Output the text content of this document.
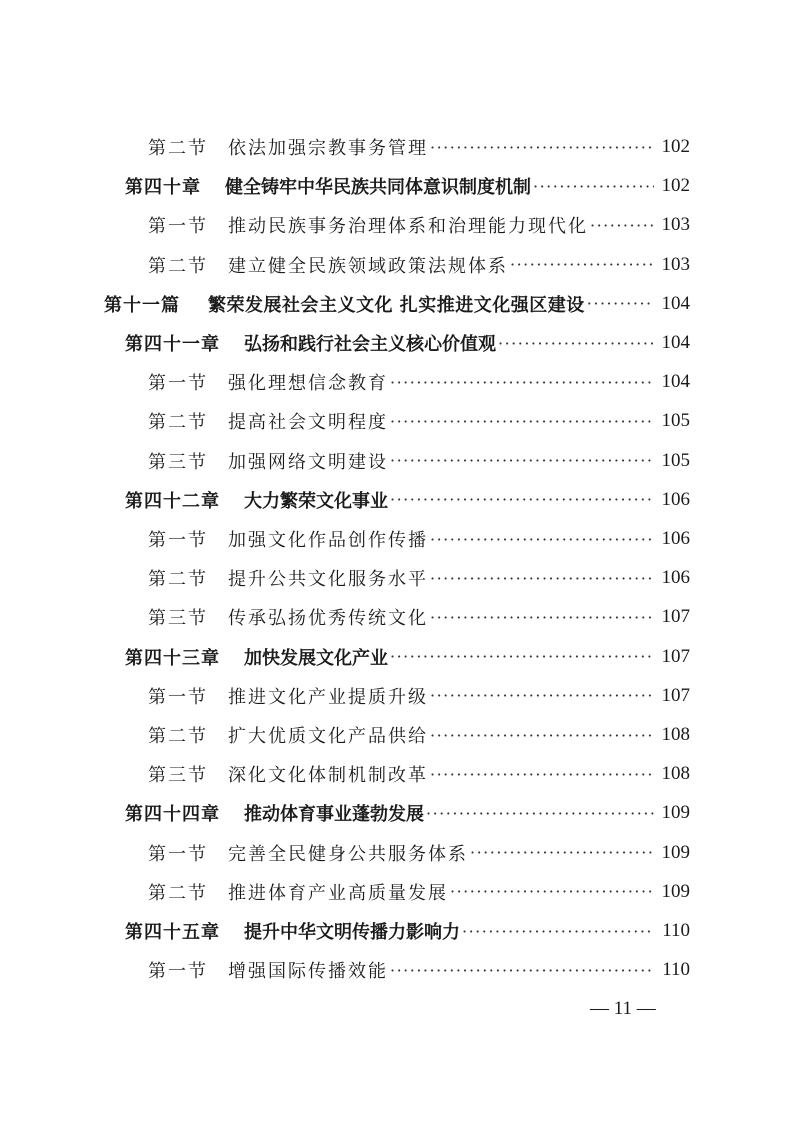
第二节 依法加强宗教事务管理 ·····	102
第四十章 健全铸牢中华民族共同体意识制度机制 ·····	102
第一节 推动民族事务治理体系和治理能力现代化 ·····	103
第二节 建立健全民族领域政策法规体系 ·····	103
第十一篇 繁荣发展社会主义文化 扎实推进文化强区建设 ·····	104
第四十一章 弘扬和践行社会主义核心价值观 ·····	104
第一节 强化理想信念教育 ·····	104
第二节 提高社会文明程度 ·····	105
第三节 加强网络文明建设 ·····	105
第四十二章 大力繁荣文化事业 ·····	106
第一节 加强文化作品创作传播 ·····	106
第二节 提升公共文化服务水平 ·····	106
第三节 传承弘扬优秀传统文化 ·····	107
第四十三章 加快发展文化产业 ·····	107
第一节 推进文化产业提质升级 ·····	107
第二节 扩大优质文化产品供给 ·····	108
第三节 深化文化体制机制改革 ·····	108
第四十四章 推动体育事业蓬勃发展 ·····	109
第一节 完善全民健身公共服务体系 ·····	109
第二节 推进体育产业高质量发展 ·····	109
第四十五章 提升中华文明传播力影响力 ·····	110
第一节 增强国际传播效能 ·····	110
— 11 —
